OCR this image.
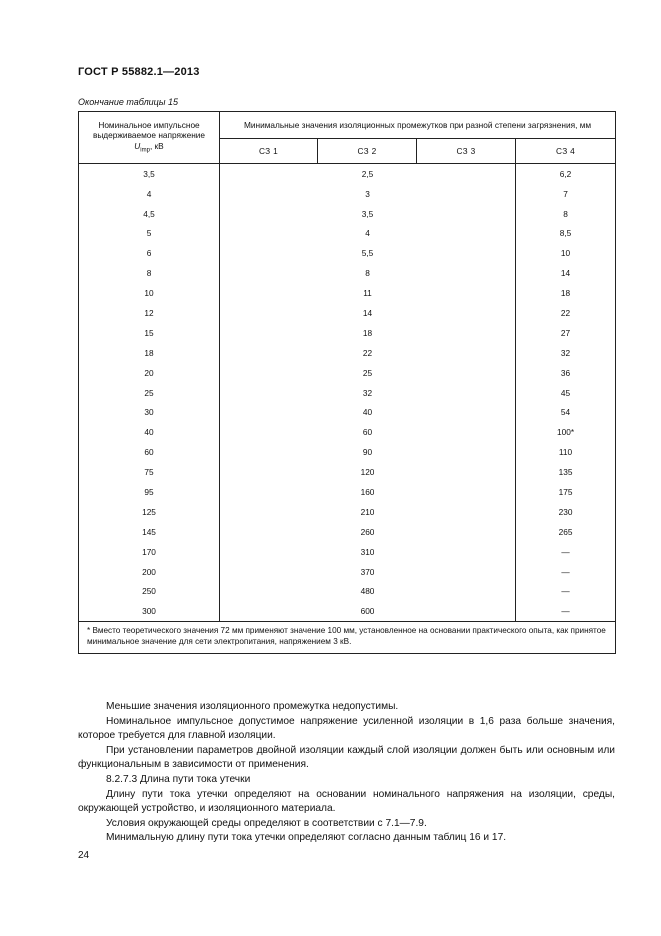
ГОСТ Р 55882.1—2013
Окончание таблицы 15
Номинальное импульсное выдерживаемое напряжение
$U_{imp}$, кВ	Минимальные значения изоляционных промежутков при разной степени загрязнения, мм			
	СЗ 1	СЗ 2	СЗ 3	СЗ 4
3,5	2,5			6,2
4	3			7
4,5	3,5			8
5	4			8,5
6	5,5			10
8	8			14
10	11			18
12	14			22
15	18			27
18	22			32
20	25			36
25	32			45
30	40			54
40	60			100*
60	90			110
75	120			135
95	160			175
125	210			230
145	260			265
170	310			—
200	370			—
250	480			—
300	600			—
* Вместо теоретического значения 72 мм применяют значение 100 мм, установленное на основании практического опыта, как принятое минимальное значение для сети электропитания, напряжением 3 кВ.				

Меньшие значения изоляционного промежутка недопустимы.

Номинальное импульсное допустимое напряжение усиленной изоляции в 1,6 раза больше значения, которое требуется для главной изоляции.

При установлении параметров двойной изоляции каждый слой изоляции должен быть или основным или функциональным в зависимости от применения.

8.2.7.3 Длина пути тока утечки

Длину пути тока утечки определяют на основании номинального напряжения на изоляции, среды, окружающей устройство, и изоляционного материала.

Условия окружающей среды определяют в соответствии с 7.1—7.9.

Минимальную длину пути тока утечки определяют согласно данным таблиц 16 и 17.

24
